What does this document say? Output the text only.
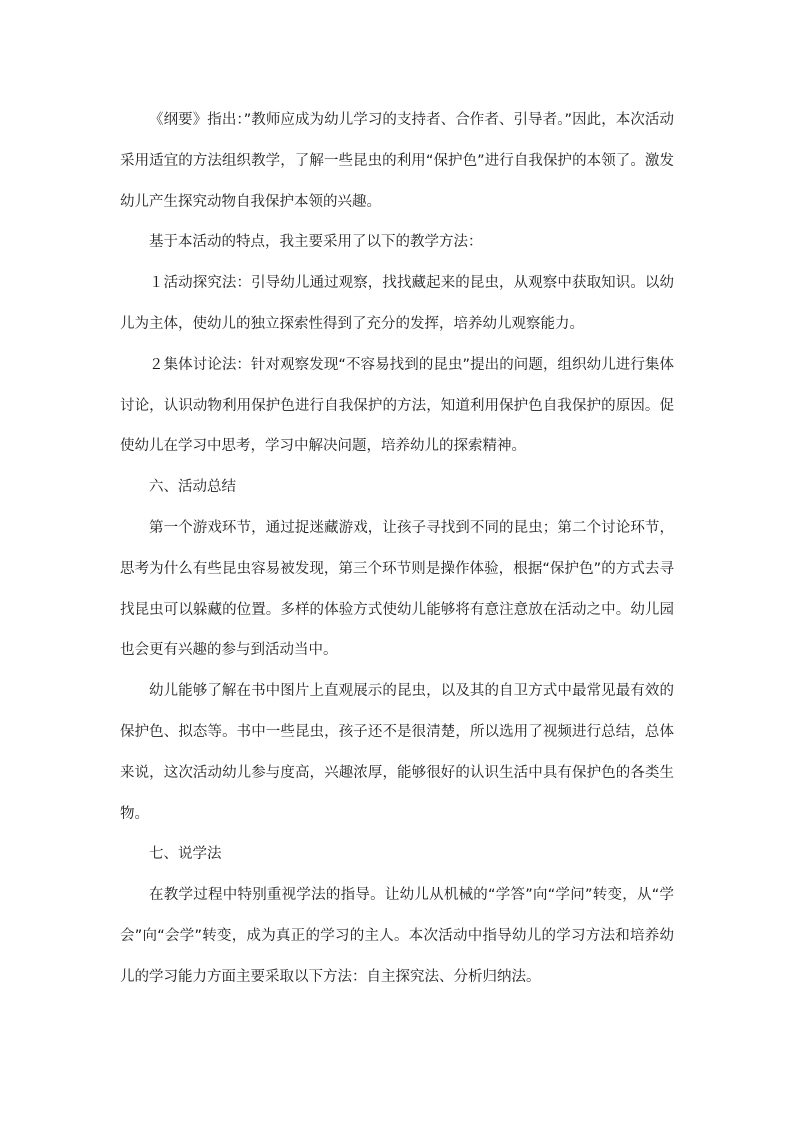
《纲要》指出：”教师应成为幼儿学习的支持者、合作者、引导者。”因此，本次活动采用适宜的方法组织教学，了解一些昆虫的利用“保护色”进行自我保护的本领了。激发幼儿产生探究动物自我保护本领的兴趣。

基于本活动的特点，我主要采用了以下的教学方法：

１活动探究法：引导幼儿通过观察，找找藏起来的昆虫，从观察中获取知识。以幼儿为主体，使幼儿的独立探索性得到了充分的发挥，培养幼儿观察能力。

２集体讨论法：针对观察发现“不容易找到的昆虫”提出的问题，组织幼儿进行集体讨论，认识动物利用保护色进行自我保护的方法，知道利用保护色自我保护的原因。促使幼儿在学习中思考，学习中解决问题，培养幼儿的探索精神。

六、活动总结

第一个游戏环节，通过捉迷藏游戏，让孩子寻找到不同的昆虫；第二个讨论环节，思考为什么有些昆虫容易被发现，第三个环节则是操作体验，根据“保护色”的方式去寻找昆虫可以躲藏的位置。多样的体验方式使幼儿能够将有意注意放在活动之中。幼儿园也会更有兴趣的参与到活动当中。

幼儿能够了解在书中图片上直观展示的昆虫，以及其的自卫方式中最常见最有效的保护色、拟态等。书中一些昆虫，孩子还不是很清楚，所以选用了视频进行总结，总体来说，这次活动幼儿参与度高，兴趣浓厚，能够很好的认识生活中具有保护色的各类生物。

七、说学法

在教学过程中特别重视学法的指导。让幼儿从机械的“学答”向“学问”转变，从“学会”向“会学”转变，成为真正的学习的主人。本次活动中指导幼儿的学习方法和培养幼儿的学习能力方面主要采取以下方法：自主探究法、分析归纳法。
